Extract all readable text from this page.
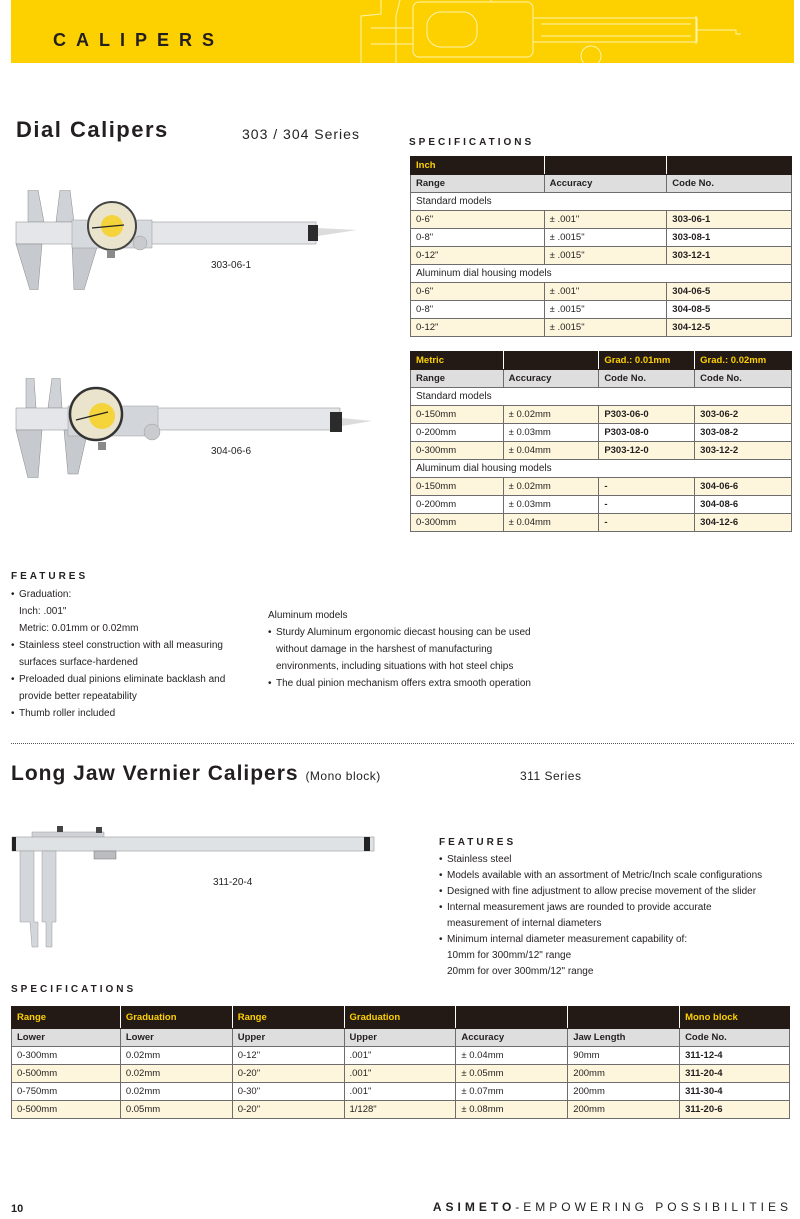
CALIPERS
Dial Calipers	303 / 304 Series
303-06-1
304-06-6
SPECIFICATIONS
Inch		
Range	Accuracy	Code No.
Standard models		
0-6"	± .001"	303-06-1
0-8"	± .0015"	303-08-1
0-12"	± .0015"	303-12-1
Aluminum dial housing models		
0-6"	± .001"	304-06-5
0-8"	± .0015"	304-08-5
0-12"	± .0015"	304-12-5
Metric		Grad.: 0.01mm	Grad.: 0.02mm
Range	Accuracy	Code No.	Code No.
Standard models			
0-150mm	± 0.02mm	P303-06-0	303-06-2
0-200mm	± 0.03mm	P303-08-0	303-08-2
0-300mm	± 0.04mm	P303-12-0	303-12-2
Aluminum dial housing models			
0-150mm	± 0.02mm	-	304-06-6
0-200mm	± 0.03mm	-	304-08-6
0-300mm	± 0.04mm	-	304-12-6
FEATURES
• Graduation:
Inch: .001"
Metric: 0.01mm or 0.02mm
• Stainless steel construction with all measuring
surfaces surface-hardened
• Preloaded dual pinions eliminate backlash and
provide better repeatability
• Thumb roller included
Aluminum models
• Sturdy Aluminum ergonomic diecast housing can be used
without damage in the harshest of manufacturing
environments, including situations with hot steel chips
• The dual pinion mechanism offers extra smooth operation
Long Jaw Vernier Calipers (Mono block)	311 Series
311-20-4
FEATURES
• Stainless steel
• Models available with an assortment of Metric/Inch scale configurations
• Designed with fine adjustment to allow precise movement of the slider
• Internal measurement jaws are rounded to provide accurate
measurement of internal diameters
• Minimum internal diameter measurement capability of:
10mm for 300mm/12" range
20mm for over 300mm/12" range
SPECIFICATIONS
Range	Graduation	Range	Graduation			Mono block
Lower	Lower	Upper	Upper	Accuracy	Jaw Length	Code No.
0-300mm	0.02mm	0-12"	.001"	± 0.04mm	90mm	311-12-4
0-500mm	0.02mm	0-20"	.001"	± 0.05mm	200mm	311-20-4
0-750mm	0.02mm	0-30"	.001"	± 0.07mm	200mm	311-30-4
0-500mm	0.05mm	0-20"	1/128"	± 0.08mm	200mm	311-20-6
10	ASIMETO-EMPOWERING POSSIBILITIES
